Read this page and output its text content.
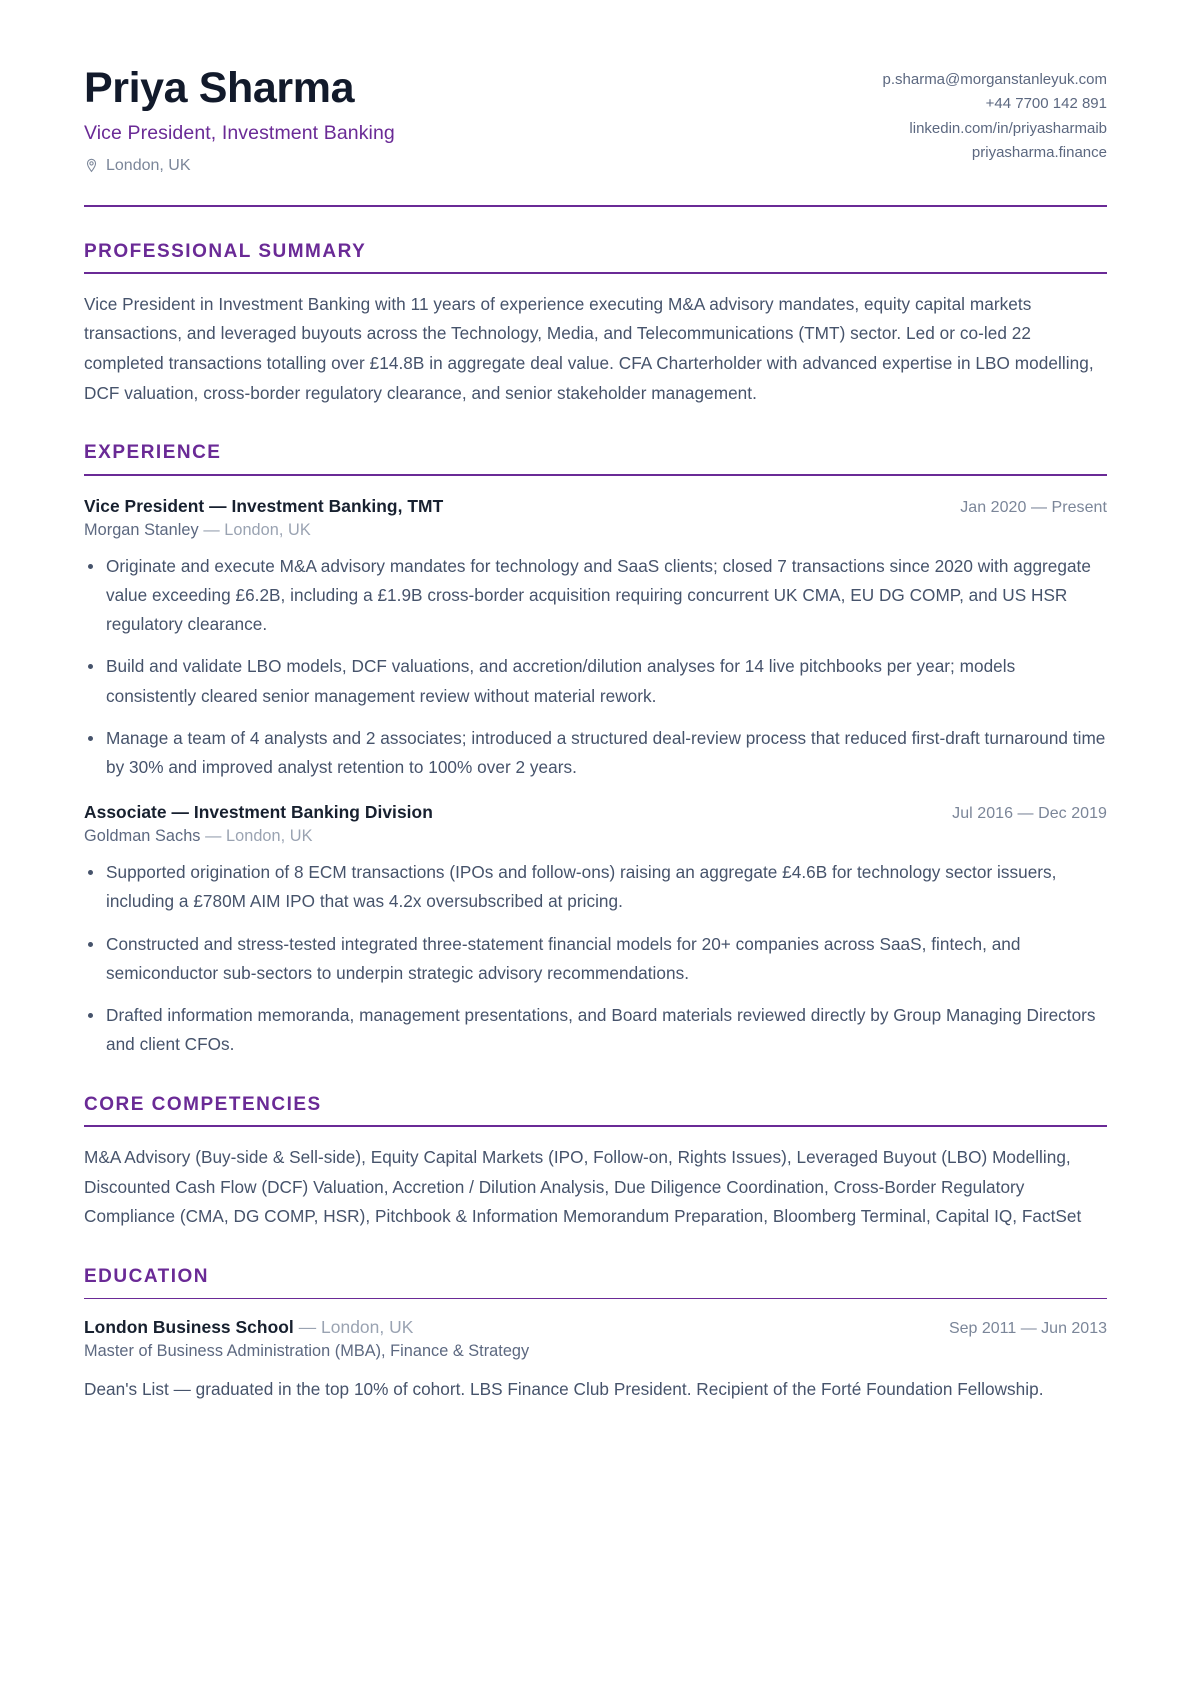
Priya Sharma
Vice President, Investment Banking
London, UK
p.sharma@morganstanleyuk.com
+44 7700 142 891
linkedin.com/in/priyasharmaib
priyasharma.finance
PROFESSIONAL SUMMARY

Vice President in Investment Banking with 11 years of experience executing M&A advisory mandates, equity capital markets transactions, and leveraged buyouts across the Technology, Media, and Telecommunications (TMT) sector. Led or co-led 22 completed transactions totalling over £14.8B in aggregate deal value. CFA Charterholder with advanced expertise in LBO modelling, DCF valuation, cross-border regulatory clearance, and senior stakeholder management.

EXPERIENCE
Vice President — Investment Banking, TMT	Jan 2020 — Present
Morgan Stanley — London, UK
Originate and execute M&A advisory mandates for technology and SaaS clients; closed 7 transactions since 2020 with aggregate value exceeding £6.2B, including a £1.9B cross-border acquisition requiring concurrent UK CMA, EU DG COMP, and US HSR regulatory clearance.
Build and validate LBO models, DCF valuations, and accretion/dilution analyses for 14 live pitchbooks per year; models consistently cleared senior management review without material rework.
Manage a team of 4 analysts and 2 associates; introduced a structured deal-review process that reduced first-draft turnaround time by 30% and improved analyst retention to 100% over 2 years.
Associate — Investment Banking Division	Jul 2016 — Dec 2019
Goldman Sachs — London, UK
Supported origination of 8 ECM transactions (IPOs and follow-ons) raising an aggregate £4.6B for technology sector issuers, including a £780M AIM IPO that was 4.2x oversubscribed at pricing.
Constructed and stress-tested integrated three-statement financial models for 20+ companies across SaaS, fintech, and semiconductor sub-sectors to underpin strategic advisory recommendations.
Drafted information memoranda, management presentations, and Board materials reviewed directly by Group Managing Directors and client CFOs.
CORE COMPETENCIES

M&A Advisory (Buy-side & Sell-side), Equity Capital Markets (IPO, Follow-on, Rights Issues), Leveraged Buyout (LBO) Modelling, Discounted Cash Flow (DCF) Valuation, Accretion / Dilution Analysis, Due Diligence Coordination, Cross-Border Regulatory Compliance (CMA, DG COMP, HSR), Pitchbook & Information Memorandum Preparation, Bloomberg Terminal, Capital IQ, FactSet

EDUCATION
London Business School — London, UK	Sep 2011 — Jun 2013
Master of Business Administration (MBA), Finance & Strategy

Dean's List — graduated in the top 10% of cohort. LBS Finance Club President. Recipient of the Forté Foundation Fellowship.
